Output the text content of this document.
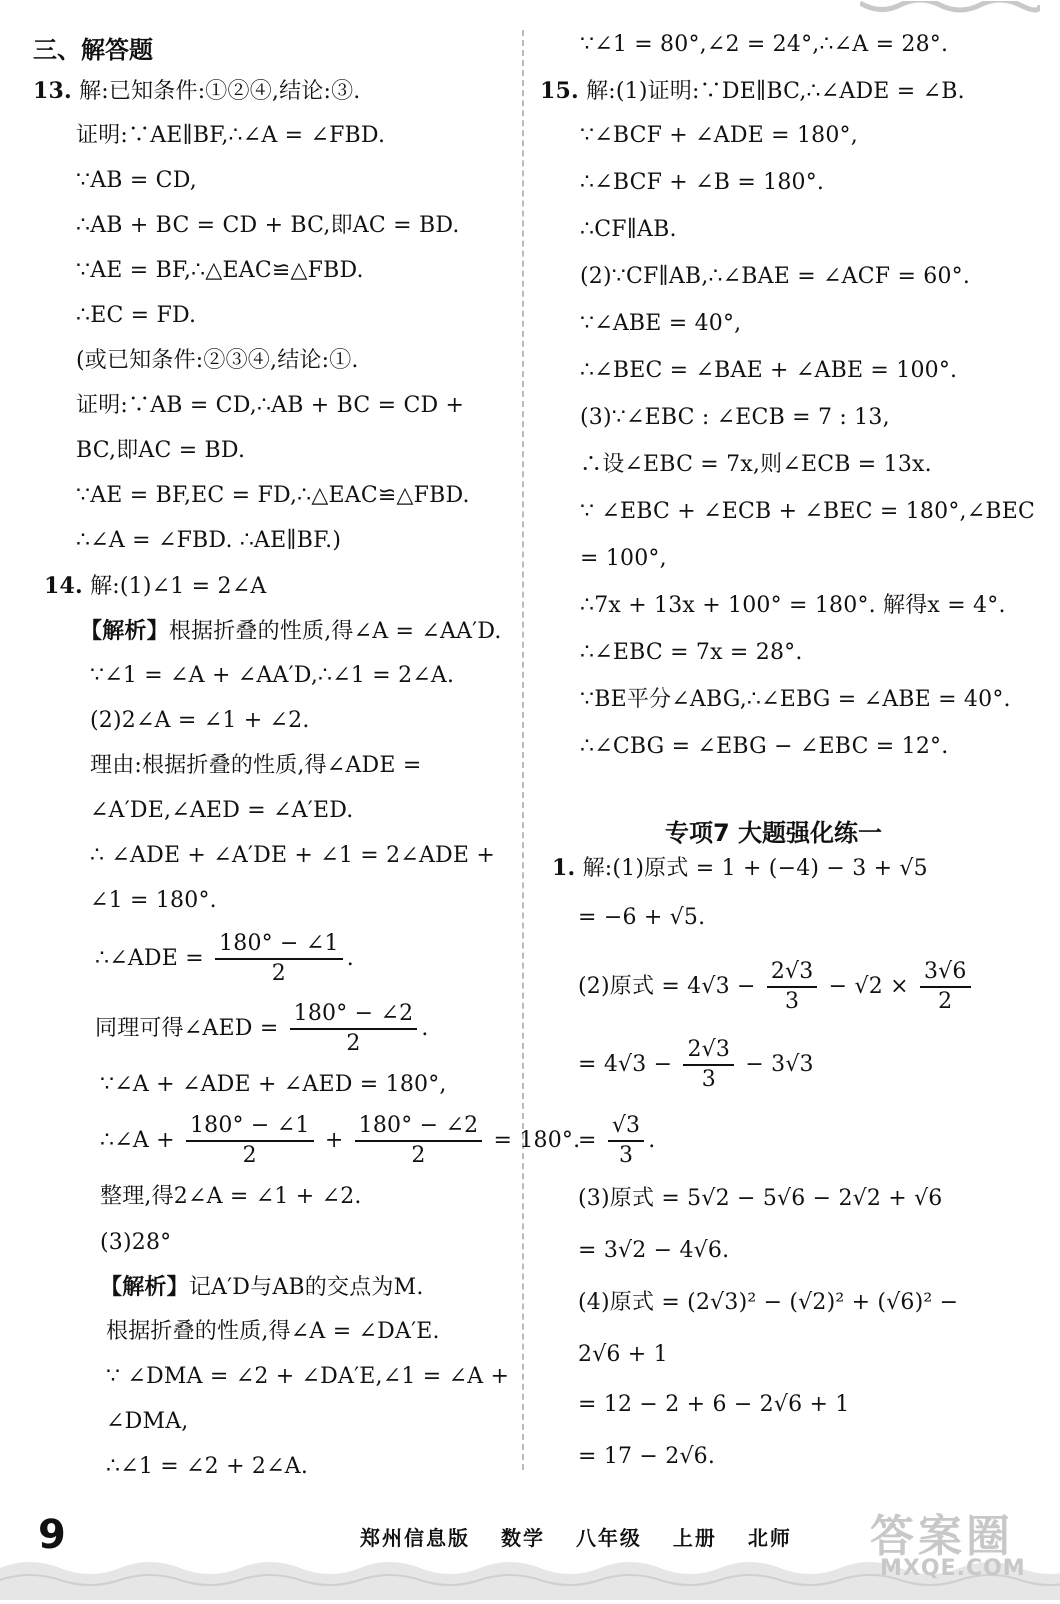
三、解答题
13. 解:已知条件:①②④,结论:③.
证明:∵AE∥BF,∴∠A = ∠FBD.
∵AB = CD,
∴AB + BC = CD + BC,即AC = BD.
∵AE = BF,∴△EAC≌△FBD.
∴EC = FD.
(或已知条件:②③④,结论:①.
证明:∵AB = CD,∴AB + BC = CD +
BC,即AC = BD.
∵AE = BF,EC = FD,∴△EAC≌△FBD.
∴∠A = ∠FBD. ∴AE∥BF.)
14. 解:(1)∠1 = 2∠A
【解析】根据折叠的性质,得∠A = ∠AA′D.
∵∠1 = ∠A + ∠AA′D,∴∠1 = 2∠A.
(2)2∠A = ∠1 + ∠2.
理由:根据折叠的性质,得∠ADE =
∠A′DE,∠AED = ∠A′ED.
∴ ∠ADE + ∠A′DE + ∠1 = 2∠ADE +
∠1 = 180°.
∴∠ADE = $\frac{180^\circ - \angle 1}{2}$ .
同理可得∠AED = $\frac{180^\circ - \angle 2}{2}$ .
∵∠A + ∠ADE + ∠AED = 180°,
∴∠A + $\frac{180^\circ - \angle 1}{2} + \frac{180^\circ - \angle 2}{2} = 180^\circ$.
整理,得2∠A = ∠1 + ∠2.
(3)28°
【解析】记A′D与AB的交点为M.
根据折叠的性质,得∠A = ∠DA′E.
∵ ∠DMA = ∠2 + ∠DA′E,∠1 = ∠A +
∠DMA,
∴∠1 = ∠2 + 2∠A.
∵∠1 = 80°,∠2 = 24°,∴∠A = 28°.
15. 解:(1)证明:∵DE∥BC,∴∠ADE = ∠B.
∵∠BCF + ∠ADE = 180°,
∴∠BCF + ∠B = 180°.
∴CF∥AB.
(2)∵CF∥AB,∴∠BAE = ∠ACF = 60°.
∵∠ABE = 40°,
∴∠BEC = ∠BAE + ∠ABE = 100°.
(3)∵∠EBC : ∠ECB = 7 : 13,
∴设∠EBC = 7x,则∠ECB = 13x.
∵ ∠EBC + ∠ECB + ∠BEC = 180°,∠BEC
= 100°,
∴7x + 13x + 100° = 180°. 解得x = 4°.
∴∠EBC = 7x = 28°.
∵BE平分∠ABG,∴∠EBG = ∠ABE = 40°.
∴∠CBG = ∠EBG − ∠EBC = 12°.
专项7 大题强化练一
1. 解:(1)原式 = 1 + (−4) − 3 + √5
= −6 + √5.
(2)原式 = $4√3 - \frac{2√3}{3} - √2 \times \frac{3√6}{2}$
= $4√3 - \frac{2√3}{3} - 3√3$
= $\frac{√3}{3}$ .
(3)原式 = 5√2 − 5√6 − 2√2 + √6
= 3√2 − 4√6.
(4)原式 = (2√3)² − (√2)² + (√6)² −
2√6 + 1
= 12 − 2 + 6 − 2√6 + 1
= 17 − 2√6.
9	郑州信息版 数学 八年级 上册 北师	答案圈
MXQE.COM
